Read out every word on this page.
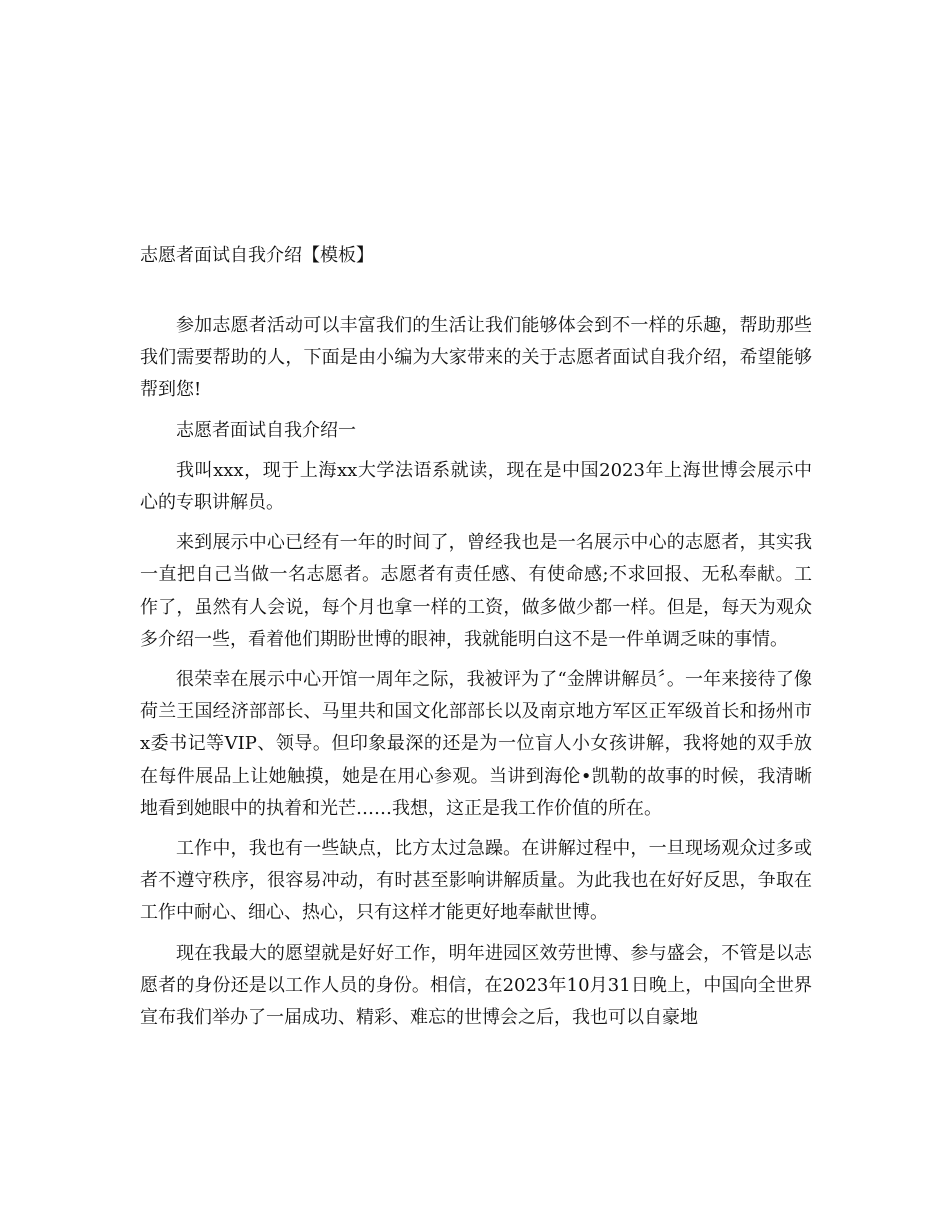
志愿者面试自我介绍【模板】

参加志愿者活动可以丰富我们的生活让我们能够体会到不一样的乐趣，帮助那些我们需要帮助的人，下面是由小编为大家带来的关于志愿者面试自我介绍，希望能够帮到您!

志愿者面试自我介绍一

我叫xxx，现于上海xx大学法语系就读，现在是中国2023年上海世博会展示中心的专职讲解员。

来到展示中心已经有一年的时间了，曾经我也是一名展示中心的志愿者，其实我一直把自己当做一名志愿者。志愿者有责任感、有使命感;不求回报、无私奉献。工作了，虽然有人会说，每个月也拿一样的工资，做多做少都一样。但是，每天为观众多介绍一些，看着他们期盼世博的眼神，我就能明白这不是一件单调乏味的事情。

很荣幸在展示中心开馆一周年之际，我被评为了“金牌讲解员〞。一年来接待了像荷兰王国经济部部长、马里共和国文化部部长以及南京地方军区正军级首长和扬州市x委书记等VIP、领导。但印象最深的还是为一位盲人小女孩讲解，我将她的双手放在每件展品上让她触摸，她是在用心参观。当讲到海伦•凯勒的故事的时候，我清晰地看到她眼中的执着和光芒……我想，这正是我工作价值的所在。

工作中，我也有一些缺点，比方太过急躁。在讲解过程中，一旦现场观众过多或者不遵守秩序，很容易冲动，有时甚至影响讲解质量。为此我也在好好反思，争取在工作中耐心、细心、热心，只有这样才能更好地奉献世博。

现在我最大的愿望就是好好工作，明年进园区效劳世博、参与盛会，不管是以志愿者的身份还是以工作人员的身份。相信，在2023年10月31日晚上，中国向全世界宣布我们举办了一届成功、精彩、难忘的世博会之后，我也可以自豪地
